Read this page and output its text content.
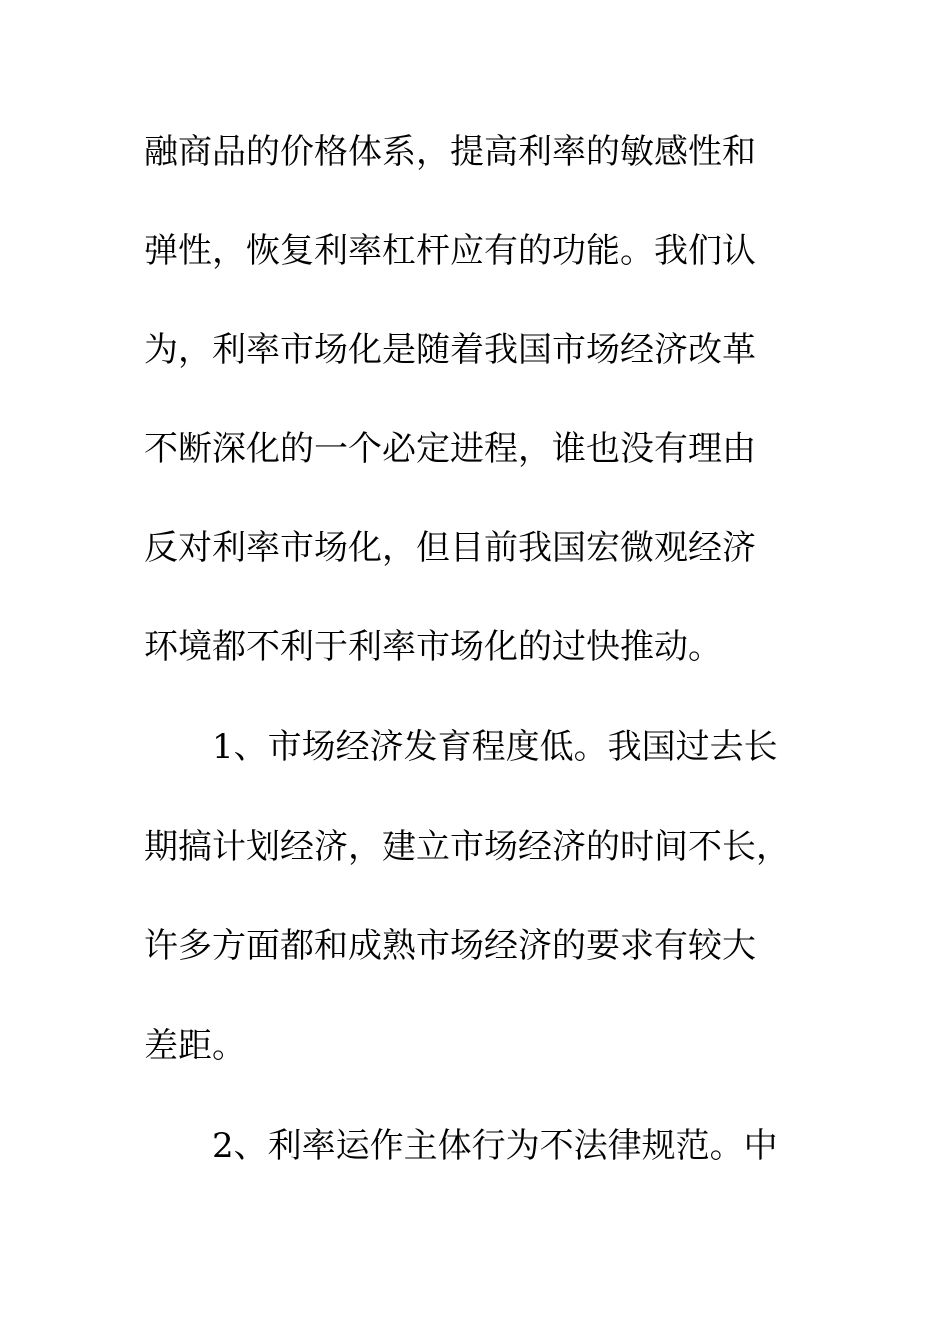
融商品的价格体系，提高利率的敏感性和
弹性，恢复利率杠杆应有的功能。我们认
为，利率市场化是随着我国市场经济改革
不断深化的一个必定进程，谁也没有理由
反对利率市场化，但目前我国宏微观经济
环境都不利于利率市场化的过快推动。
1、市场经济发育程度低。我国过去长
期搞计划经济，建立市场经济的时间不长，
许多方面都和成熟市场经济的要求有较大
差距。
2、利率运作主体行为不法律规范。中
